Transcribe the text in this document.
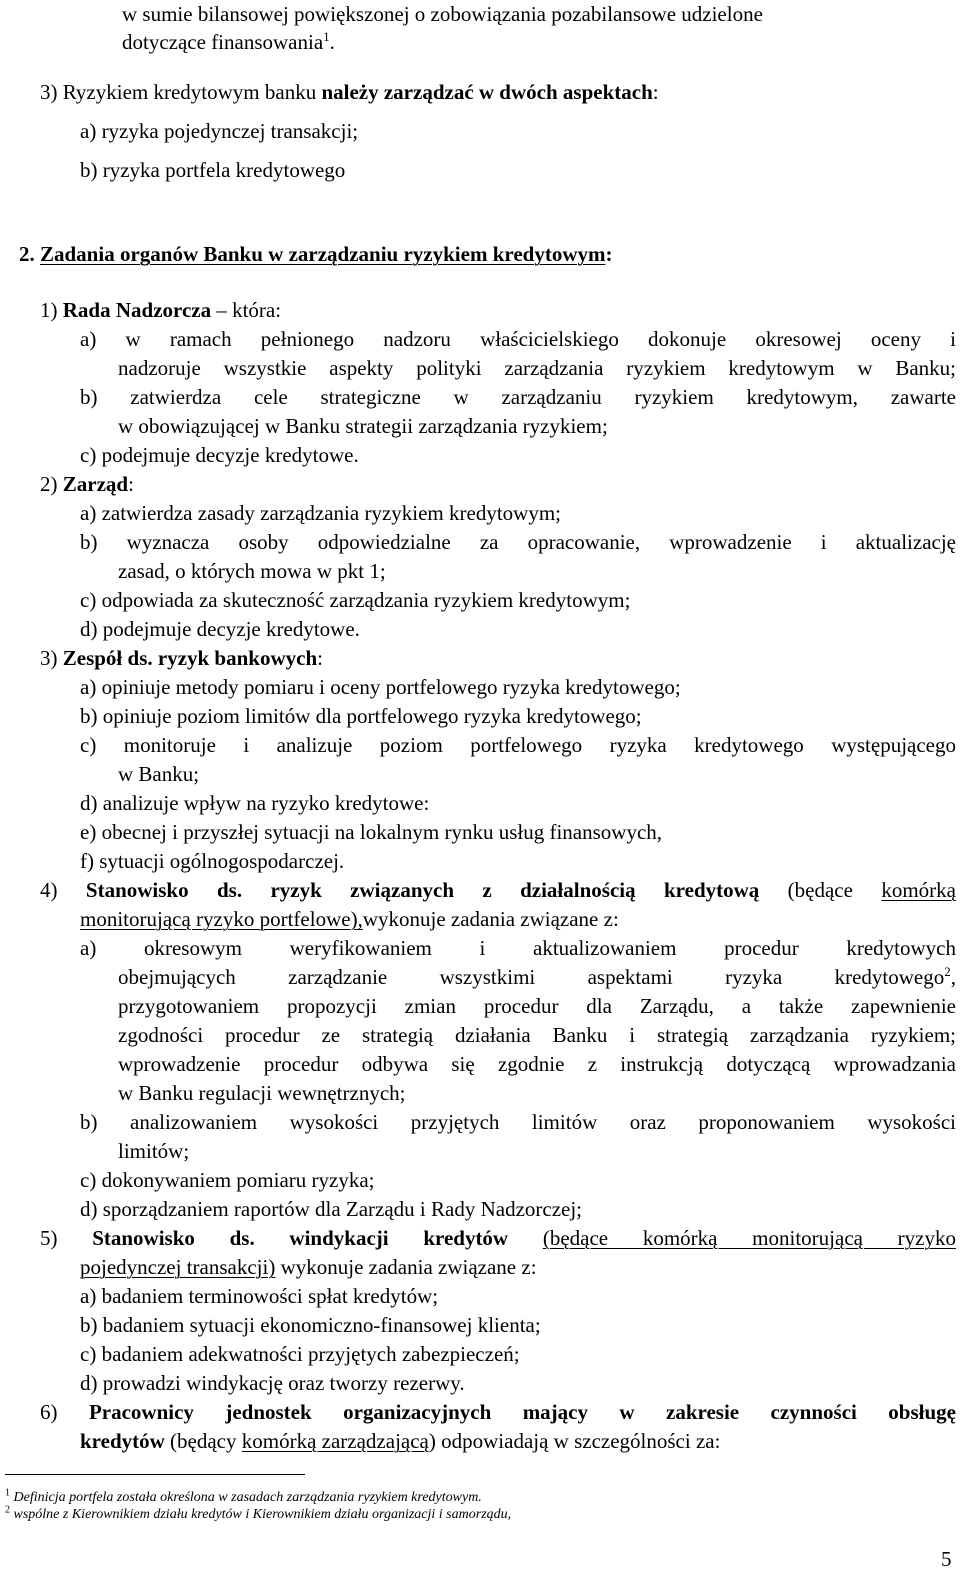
w sumie bilansowej powiększonej o zobowiązania pozabilansowe udzielone
dotyczące finansowania$^1$.
3) Ryzykiem kredytowym banku należy zarządzać w dwóch aspektach:
a) ryzyka pojedynczej transakcji;
b) ryzyka portfela kredytowego
2. Zadania organów Banku w zarządzaniu ryzykiem kredytowym:
1) Rada Nadzorcza – która:
a) w ramach pełnionego nadzoru właścicielskiego dokonuje okresowej oceny i
nadzoruje wszystkie aspekty polityki zarządzania ryzykiem kredytowym w Banku;
b) zatwierdza cele strategiczne w zarządzaniu ryzykiem kredytowym, zawarte
w obowiązującej w Banku strategii zarządzania ryzykiem;
c) podejmuje decyzje kredytowe.
2) Zarząd:
a) zatwierdza zasady zarządzania ryzykiem kredytowym;
b) wyznacza osoby odpowiedzialne za opracowanie, wprowadzenie i aktualizację
zasad, o których mowa w pkt 1;
c) odpowiada za skuteczność zarządzania ryzykiem kredytowym;
d) podejmuje decyzje kredytowe.
3) Zespół ds. ryzyk bankowych:
a) opiniuje metody pomiaru i oceny portfelowego ryzyka kredytowego;
b) opiniuje poziom limitów dla portfelowego ryzyka kredytowego;
c) monitoruje i analizuje poziom portfelowego ryzyka kredytowego występującego
w Banku;
d) analizuje wpływ na ryzyko kredytowe:
e) obecnej i przyszłej sytuacji na lokalnym rynku usług finansowych,
f) sytuacji ogólnogospodarczej.
4) Stanowisko ds. ryzyk związanych z działalnością kredytową (będące komórką
monitorującą ryzyko portfelowe),wykonuje zadania związane z:
a) okresowym weryfikowaniem i aktualizowaniem procedur kredytowych
obejmujących zarządzanie wszystkimi aspektami ryzyka kredytowego$^2$,
przygotowaniem propozycji zmian procedur dla Zarządu, a także zapewnienie
zgodności procedur ze strategią działania Banku i strategią zarządzania ryzykiem;
wprowadzenie procedur odbywa się zgodnie z instrukcją dotyczącą wprowadzania
w Banku regulacji wewnętrznych;
b) analizowaniem wysokości przyjętych limitów oraz proponowaniem wysokości
limitów;
c) dokonywaniem pomiaru ryzyka;
d) sporządzaniem raportów dla Zarządu i Rady Nadzorczej;
5) Stanowisko ds. windykacji kredytów (będące komórką monitorującą ryzyko
pojedynczej transakcji) wykonuje zadania związane z:
a) badaniem terminowości spłat kredytów;
b) badaniem sytuacji ekonomiczno-finansowej klienta;
c) badaniem adekwatności przyjętych zabezpieczeń;
d) prowadzi windykację oraz tworzy rezerwy.
6) Pracownicy jednostek organizacyjnych mający w zakresie czynności obsługę
kredytów (będący komórką zarządzającą) odpowiadają w szczególności za:
$^1$ Definicja portfela została określona w zasadach zarządzania ryzykiem kredytowym.
$^2$ wspólne z Kierownikiem działu kredytów i Kierownikiem działu organizacji i samorządu,
5
